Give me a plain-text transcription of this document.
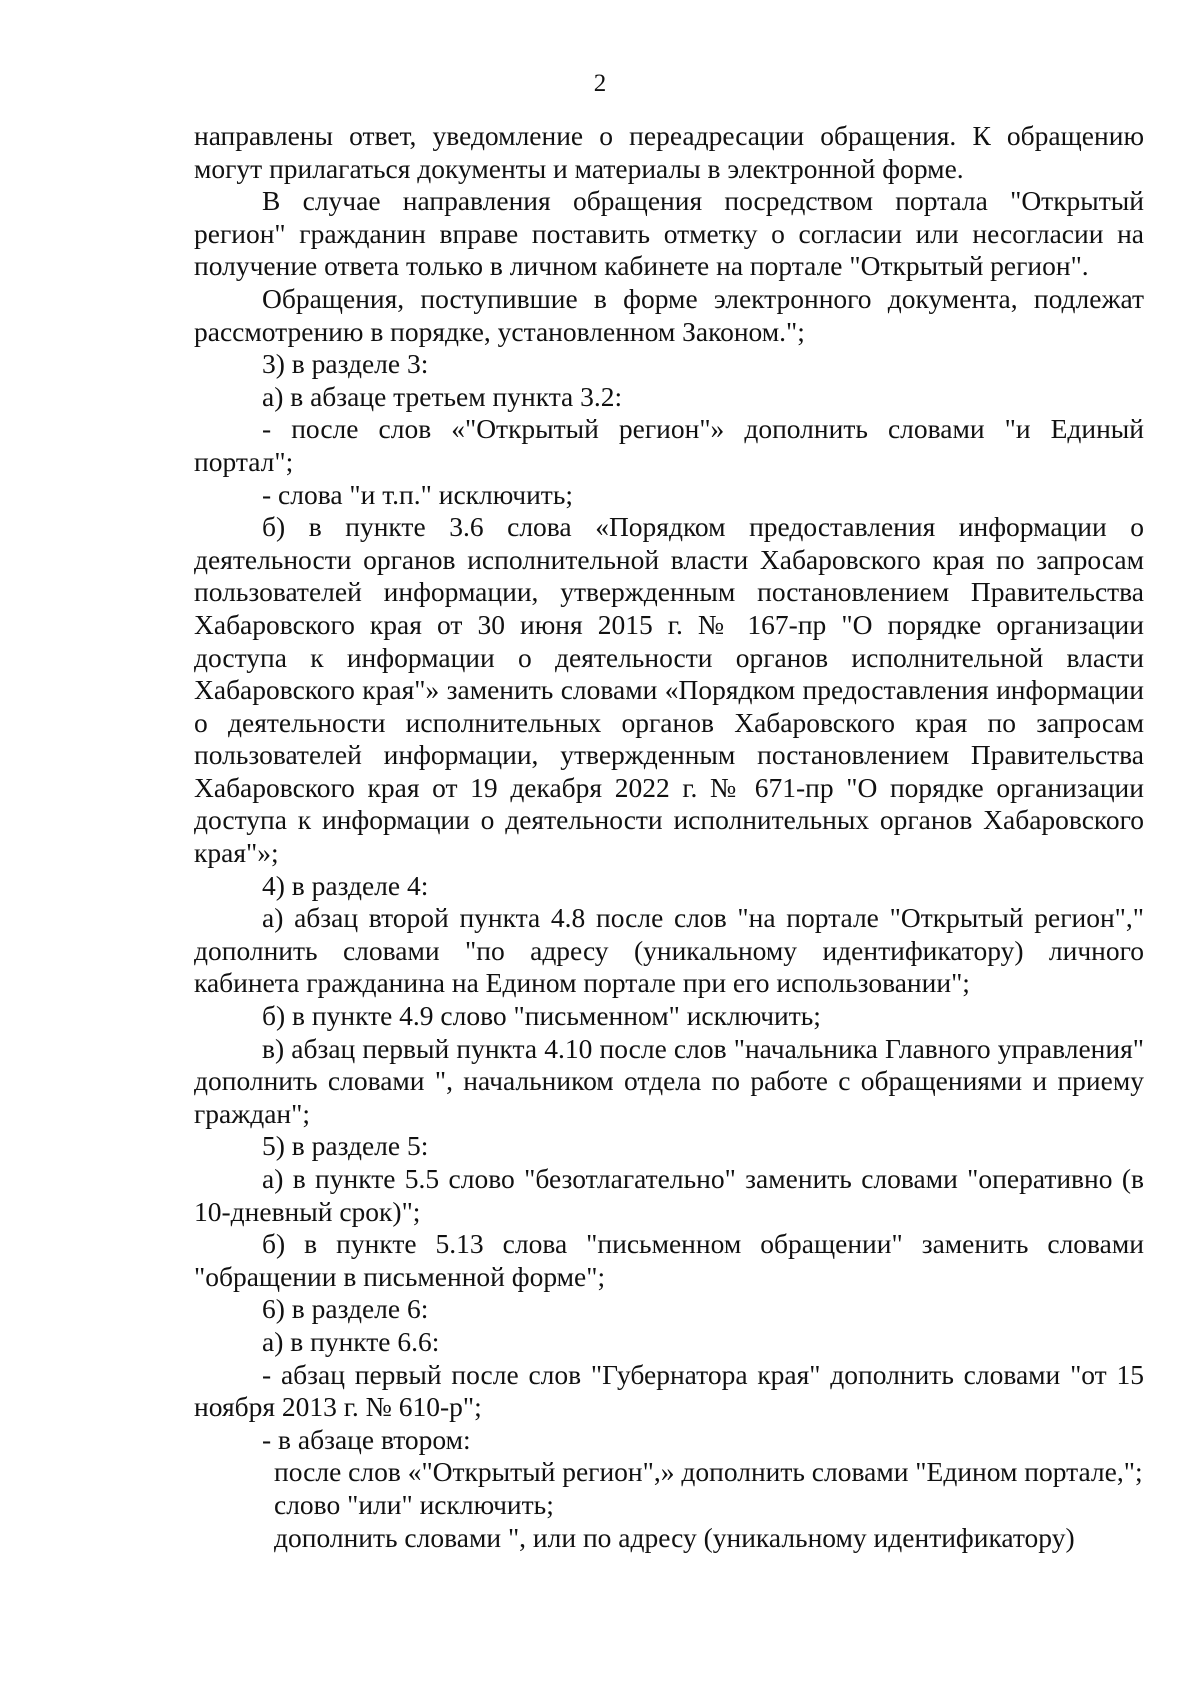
2

направлены ответ, уведомление о переадресации обращения. К обращению могут прилагаться документы и материалы в электронной форме.

В случае направления обращения посредством портала "Открытый регион" гражданин вправе поставить отметку о согласии или несогласии на получение ответа только в личном кабинете на портале "Открытый регион".

Обращения, поступившие в форме электронного документа, подлежат рассмотрению в порядке, установленном Законом.";

3) в разделе 3:

а) в абзаце третьем пункта 3.2:

- после слов «"Открытый регион"» дополнить словами "и Единый портал";

- слова "и т.п." исключить;

б) в пункте 3.6 слова «Порядком предоставления информации о деятельности органов исполнительной власти Хабаровского края по запросам пользователей информации, утвержденным постановлением Правительства Хабаровского края от 30 июня 2015 г. № 167-пр "О порядке организации доступа к информации о деятельности органов исполнительной власти Хабаровского края"» заменить словами «Порядком предоставления информации о деятельности исполнительных органов Хабаровского края по запросам пользователей информации, утвержденным постановлением Правительства Хабаровского края от 19 декабря 2022 г. № 671-пр "О порядке организации доступа к информации о деятельности исполнительных органов Хабаровского края"»;

4) в разделе 4:

а) абзац второй пункта 4.8 после слов "на портале "Открытый регион"," дополнить словами "по адресу (уникальному идентификатору) личного кабинета гражданина на Едином портале при его использовании";

б) в пункте 4.9 слово "письменном" исключить;

в) абзац первый пункта 4.10 после слов "начальника Главного управления" дополнить словами ", начальником отдела по работе с обращениями и приему граждан";

5) в разделе 5:

а) в пункте 5.5 слово "безотлагательно" заменить словами "оперативно (в 10-дневный срок)";

б) в пункте 5.13 слова "письменном обращении" заменить словами "обращении в письменной форме";

6) в разделе 6:

а) в пункте 6.6:

- абзац первый после слов "Губернатора края" дополнить словами "от 15 ноября 2013 г. № 610-р";

- в абзаце втором:

после слов «"Открытый регион",» дополнить словами "Едином портале,";

слово "или" исключить;

дополнить словами ", или по адресу (уникальному идентификатору)
